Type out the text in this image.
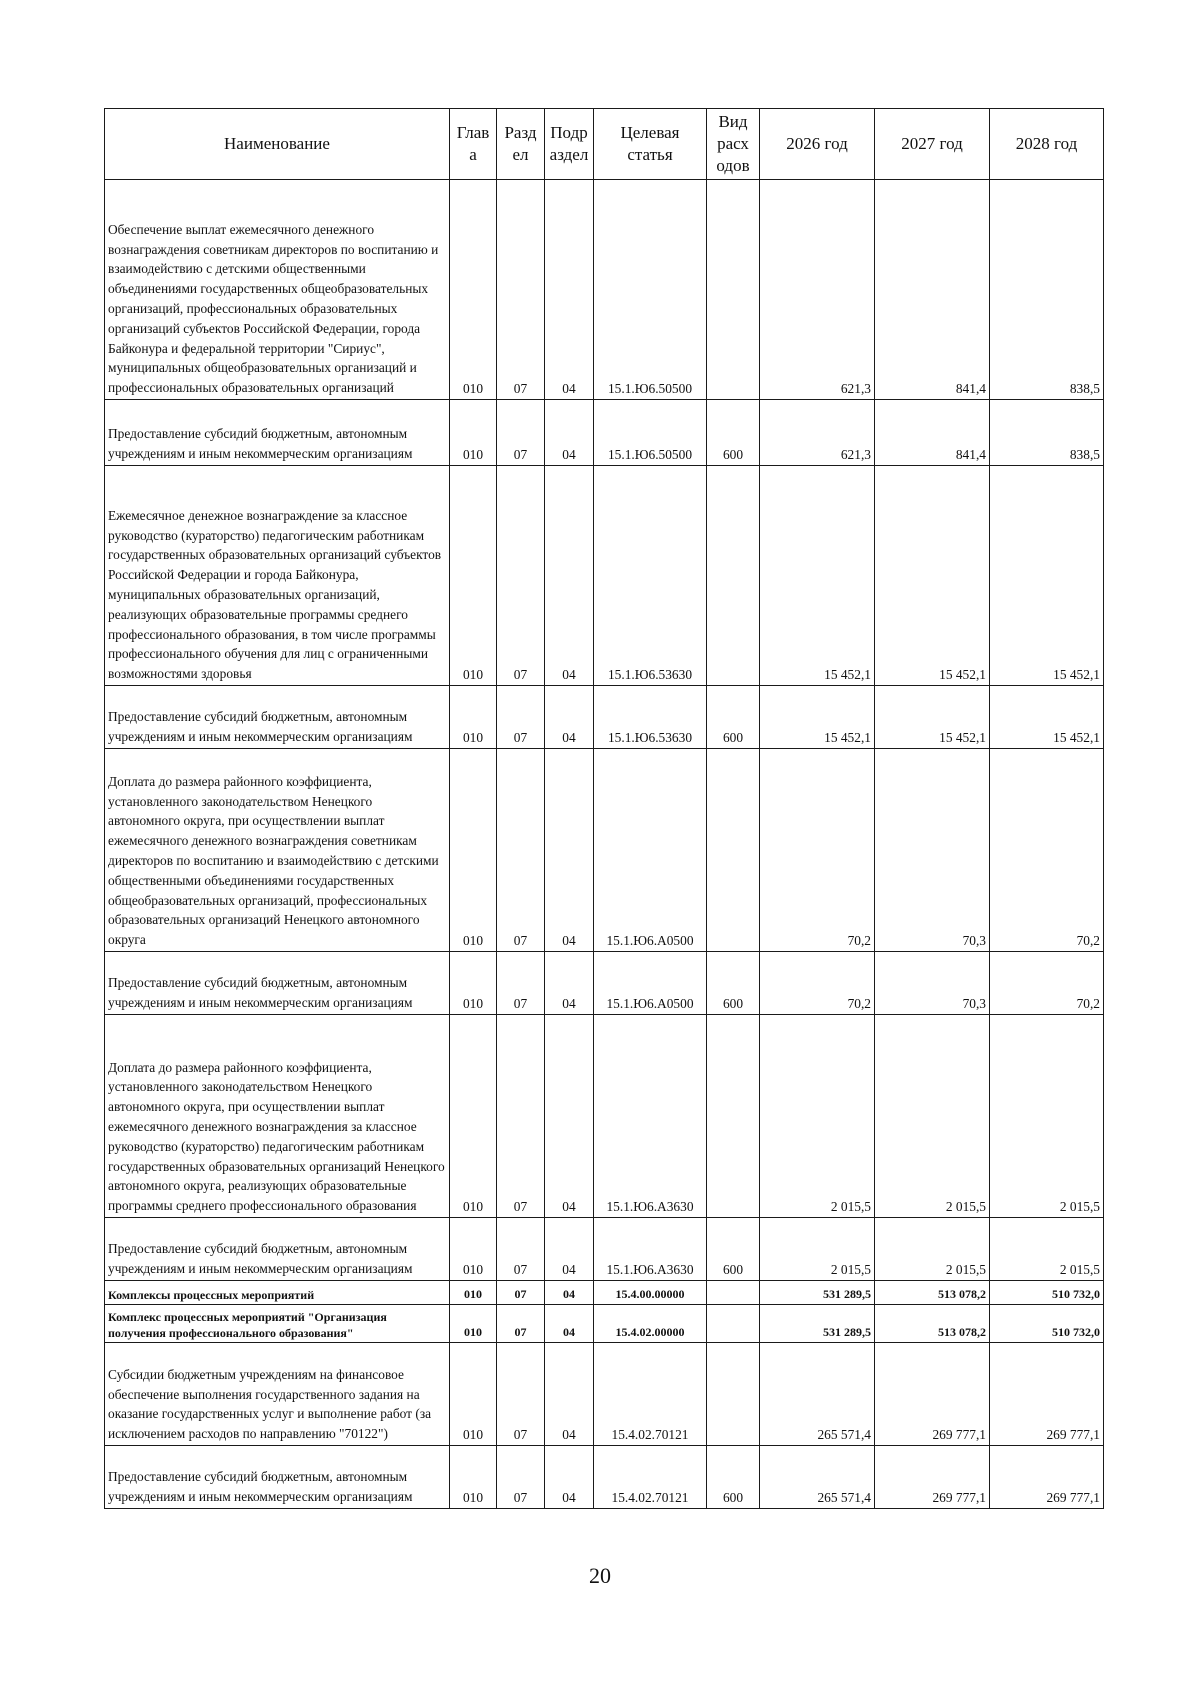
Наименование	Глав а	Разд ел	Подр аздел	Целевая статья	Вид расх одов	2026 год	2027 год	2028 год
Обеспечение выплат ежемесячного денежного вознаграждения советникам директоров по воспитанию и взаимодействию с детскими общественными объединениями государственных общеобразовательных организаций, профессиональных образовательных организаций субъектов Российской Федерации, города Байконура и федеральной территории "Сириус", муниципальных общеобразовательных организаций и профессиональных образовательных организаций	010	07	04	15.1.Ю6.50500		621,3	841,4	838,5
Предоставление субсидий бюджетным, автономным учреждениям и иным некоммерческим организациям	010	07	04	15.1.Ю6.50500	600	621,3	841,4	838,5
Ежемесячное денежное вознаграждение за классное руководство (кураторство) педагогическим работникам государственных образовательных организаций субъектов Российской Федерации и города Байконура, муниципальных образовательных организаций, реализующих образовательные программы среднего профессионального образования, в том числе программы профессионального обучения для лиц с ограниченными возможностями здоровья	010	07	04	15.1.Ю6.53630		15 452,1	15 452,1	15 452,1
Предоставление субсидий бюджетным, автономным учреждениям и иным некоммерческим организациям	010	07	04	15.1.Ю6.53630	600	15 452,1	15 452,1	15 452,1
Доплата до размера районного коэффициента, установленного законодательством Ненецкого автономного округа, при осуществлении выплат ежемесячного денежного вознаграждения советникам директоров по воспитанию и взаимодействию с детскими общественными объединениями государственных общеобразовательных организаций, профессиональных образовательных организаций Ненецкого автономного округа	010	07	04	15.1.Ю6.А0500		70,2	70,3	70,2
Предоставление субсидий бюджетным, автономным учреждениям и иным некоммерческим организациям	010	07	04	15.1.Ю6.А0500	600	70,2	70,3	70,2
Доплата до размера районного коэффициента, установленного законодательством Ненецкого автономного округа, при осуществлении выплат ежемесячного денежного вознаграждения за классное руководство (кураторство) педагогическим работникам государственных образовательных организаций Ненецкого автономного округа, реализующих образовательные программы среднего профессионального образования	010	07	04	15.1.Ю6.А3630		2 015,5	2 015,5	2 015,5
Предоставление субсидий бюджетным, автономным учреждениям и иным некоммерческим организациям	010	07	04	15.1.Ю6.А3630	600	2 015,5	2 015,5	2 015,5
Комплексы процессных мероприятий	010	07	04	15.4.00.00000		531 289,5	513 078,2	510 732,0
Комплекс процессных мероприятий "Организация получения профессионального образования"	010	07	04	15.4.02.00000		531 289,5	513 078,2	510 732,0
Субсидии бюджетным учреждениям на финансовое обеспечение выполнения государственного задания на оказание государственных услуг и выполнение работ (за исключением расходов по направлению "70122")	010	07	04	15.4.02.70121		265 571,4	269 777,1	269 777,1
Предоставление субсидий бюджетным, автономным учреждениям и иным некоммерческим организациям	010	07	04	15.4.02.70121	600	265 571,4	269 777,1	269 777,1
20
